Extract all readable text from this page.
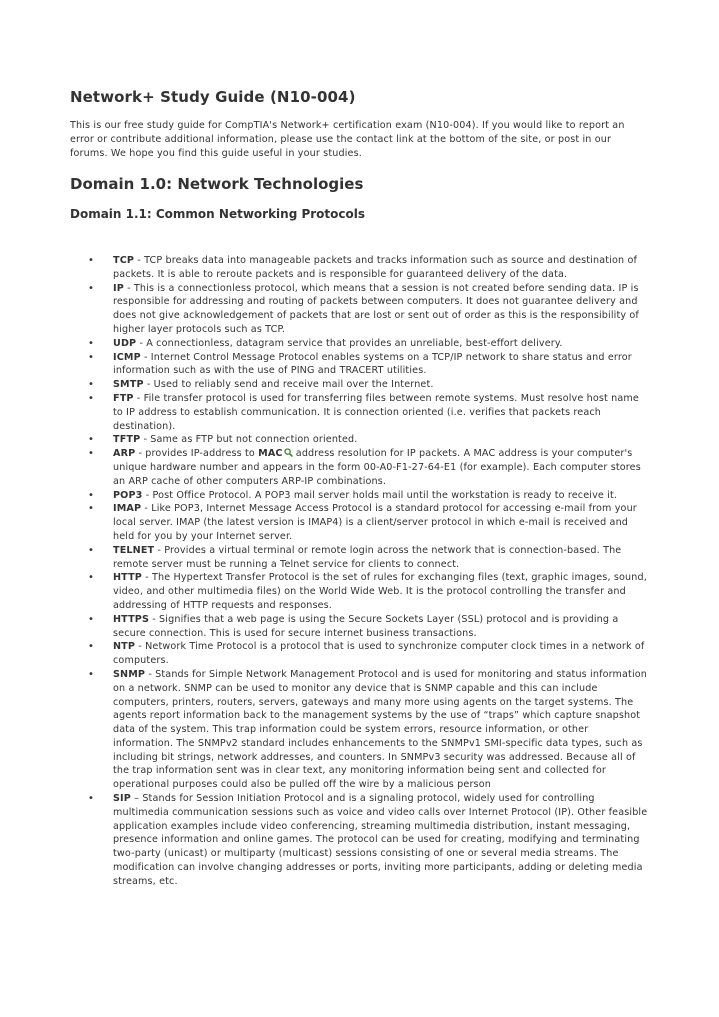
Network+ Study Guide (N10-004)

This is our free study guide for CompTIA's Network+ certification exam (N10-004). If you would like to report an error or contribute additional information, please use the contact link at the bottom of the site, or post in our forums. We hope you find this guide useful in your studies.

Domain 1.0: Network Technologies
Domain 1.1: Common Networking Protocols
• TCP - TCP breaks data into manageable packets and tracks information such as source and destination of packets. It is able to reroute packets and is responsible for guaranteed delivery of the data.
• IP - This is a connectionless protocol, which means that a session is not created before sending data. IP is responsible for addressing and routing of packets between computers. It does not guarantee delivery and does not give acknowledgement of packets that are lost or sent out of order as this is the responsibility of higher layer protocols such as TCP.
• UDP - A connectionless, datagram service that provides an unreliable, best-effort delivery.
• ICMP - Internet Control Message Protocol enables systems on a TCP/IP network to share status and error information such as with the use of PING and TRACERT utilities.
• SMTP - Used to reliably send and receive mail over the Internet.
• FTP - File transfer protocol is used for transferring files between remote systems. Must resolve host name to IP address to establish communication. It is connection oriented (i.e. verifies that packets reach destination).
• TFTP - Same as FTP but not connection oriented.
• ARP - provides IP-address to MAC
address resolution for IP packets. A MAC address is your computer's unique hardware number and appears in the form 00-A0-F1-27-64-E1 (for example). Each computer stores an ARP cache of other computers ARP-IP combinations.
• POP3 - Post Office Protocol. A POP3 mail server holds mail until the workstation is ready to receive it.
• IMAP - Like POP3, Internet Message Access Protocol is a standard protocol for accessing e-mail from your local server. IMAP (the latest version is IMAP4) is a client/server protocol in which e-mail is received and held for you by your Internet server.
• TELNET - Provides a virtual terminal or remote login across the network that is connection-based. The remote server must be running a Telnet service for clients to connect.
• HTTP - The Hypertext Transfer Protocol is the set of rules for exchanging files (text, graphic images, sound, video, and other multimedia files) on the World Wide Web. It is the protocol controlling the transfer and addressing of HTTP requests and responses.
• HTTPS - Signifies that a web page is using the Secure Sockets Layer (SSL) protocol and is providing a secure connection. This is used for secure internet business transactions.
• NTP - Network Time Protocol is a protocol that is used to synchronize computer clock times in a network of computers.
• SNMP - Stands for Simple Network Management Protocol and is used for monitoring and status information on a network. SNMP can be used to monitor any device that is SNMP capable and this can include computers, printers, routers, servers, gateways and many more using agents on the target systems. The agents report information back to the management systems by the use of “traps” which capture snapshot data of the system. This trap information could be system errors, resource information, or other information. The SNMPv2 standard includes enhancements to the SNMPv1 SMI-specific data types, such as including bit strings, network addresses, and counters. In SNMPv3 security was addressed. Because all of the trap information sent was in clear text, any monitoring information being sent and collected for operational purposes could also be pulled off the wire by a malicious person
• SIP – Stands for Session Initiation Protocol and is a signaling protocol, widely used for controlling multimedia communication sessions such as voice and video calls over Internet Protocol (IP). Other feasible application examples include video conferencing, streaming multimedia distribution, instant messaging, presence information and online games. The protocol can be used for creating, modifying and terminating two-party (unicast) or multiparty (multicast) sessions consisting of one or several media streams. The modification can involve changing addresses or ports, inviting more participants, adding or deleting media streams, etc.
